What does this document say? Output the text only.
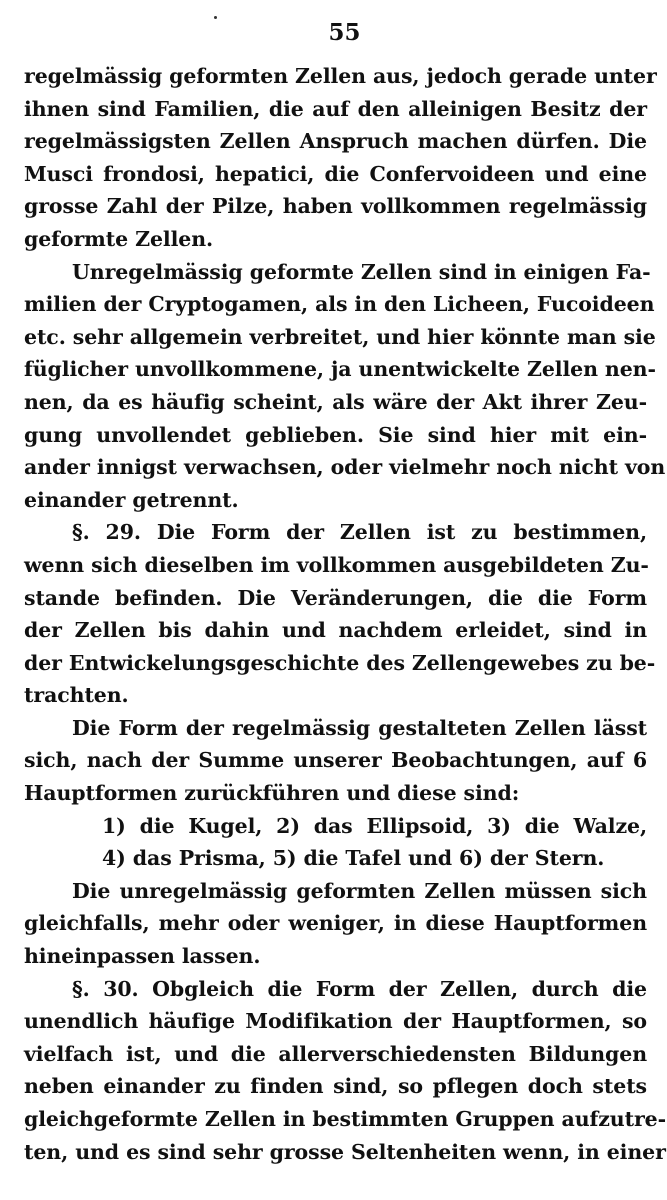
55
regelmässig geformten Zellen aus, jedoch gerade unter
ihnen sind Familien, die auf den alleinigen Besitz der
regelmässigsten Zellen Anspruch machen dürfen. Die
Musci frondosi, hepatici, die Confervoideen und eine
grosse Zahl der Pilze, haben vollkommen regelmässig
geformte Zellen.
Unregelmässig geformte Zellen sind in einigen Fa-
milien der Cryptogamen, als in den Licheen, Fucoideen
etc. sehr allgemein verbreitet, und hier könnte man sie
füglicher unvollkommene, ja unentwickelte Zellen nen-
nen, da es häufig scheint, als wäre der Akt ihrer Zeu-
gung unvollendet geblieben. Sie sind hier mit ein-
ander innigst verwachsen, oder vielmehr noch nicht von
einander getrennt.
§. 29. Die Form der Zellen ist zu bestimmen,
wenn sich dieselben im vollkommen ausgebildeten Zu-
stande befinden. Die Veränderungen, die die Form
der Zellen bis dahin und nachdem erleidet, sind in
der Entwickelungsgeschichte des Zellengewebes zu be-
trachten.
Die Form der regelmässig gestalteten Zellen lässt
sich, nach der Summe unserer Beobachtungen, auf 6
Hauptformen zurückführen und diese sind:
1) die Kugel, 2) das Ellipsoid, 3) die Walze,
4) das Prisma, 5) die Tafel und 6) der Stern.
Die unregelmässig geformten Zellen müssen sich
gleichfalls, mehr oder weniger, in diese Hauptformen
hineinpassen lassen.
§. 30. Obgleich die Form der Zellen, durch die
unendlich häufige Modifikation der Hauptformen, so
vielfach ist, und die allerverschiedensten Bildungen
neben einander zu finden sind, so pflegen doch stets
gleichgeformte Zellen in bestimmten Gruppen aufzutre-
ten, und es sind sehr grosse Seltenheiten wenn, in einer
